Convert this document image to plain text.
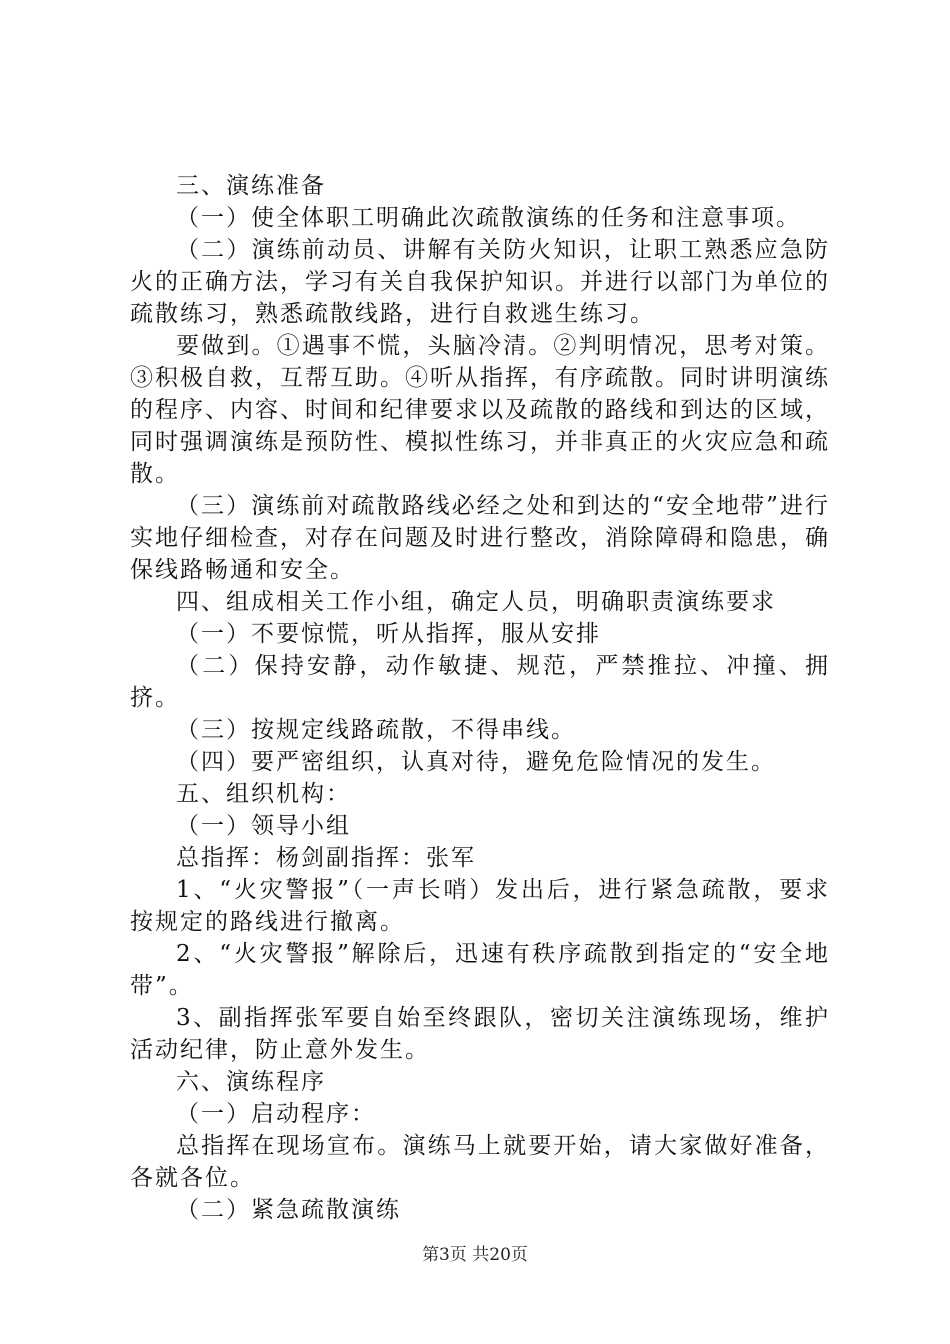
三、演练准备

（一）使全体职工明确此次疏散演练的任务和注意事项。

（二）演练前动员、讲解有关防火知识，让职工熟悉应急防火的正确方法，学习有关自我保护知识。并进行以部门为单位的疏散练习，熟悉疏散线路，进行自救逃生练习。

要做到。①遇事不慌，头脑冷清。②判明情况，思考对策。③积极自救，互帮互助。④听从指挥，有序疏散。同时讲明演练的程序、内容、时间和纪律要求以及疏散的路线和到达的区域，同时强调演练是预防性、模拟性练习，并非真正的火灾应急和疏散。

（三）演练前对疏散路线必经之处和到达的“安全地带”进行实地仔细检查，对存在问题及时进行整改，消除障碍和隐患，确保线路畅通和安全。

四、组成相关工作小组，确定人员，明确职责演练要求

（一）不要惊慌，听从指挥，服从安排

（二）保持安静，动作敏捷、规范，严禁推拉、冲撞、拥挤。

（三）按规定线路疏散，不得串线。

（四）要严密组织，认真对待，避免危险情况的发生。

五、组织机构：

（一）领导小组

总指挥：杨剑副指挥：张军

1、“火灾警报”（一声长哨）发出后，进行紧急疏散，要求按规定的路线进行撤离。

2、“火灾警报”解除后，迅速有秩序疏散到指定的“安全地带”。

3、副指挥张军要自始至终跟队，密切关注演练现场，维护活动纪律，防止意外发生。

六、演练程序

（一）启动程序：

总指挥在现场宣布。演练马上就要开始，请大家做好准备，各就各位。

（二）紧急疏散演练

第3页 共20页
